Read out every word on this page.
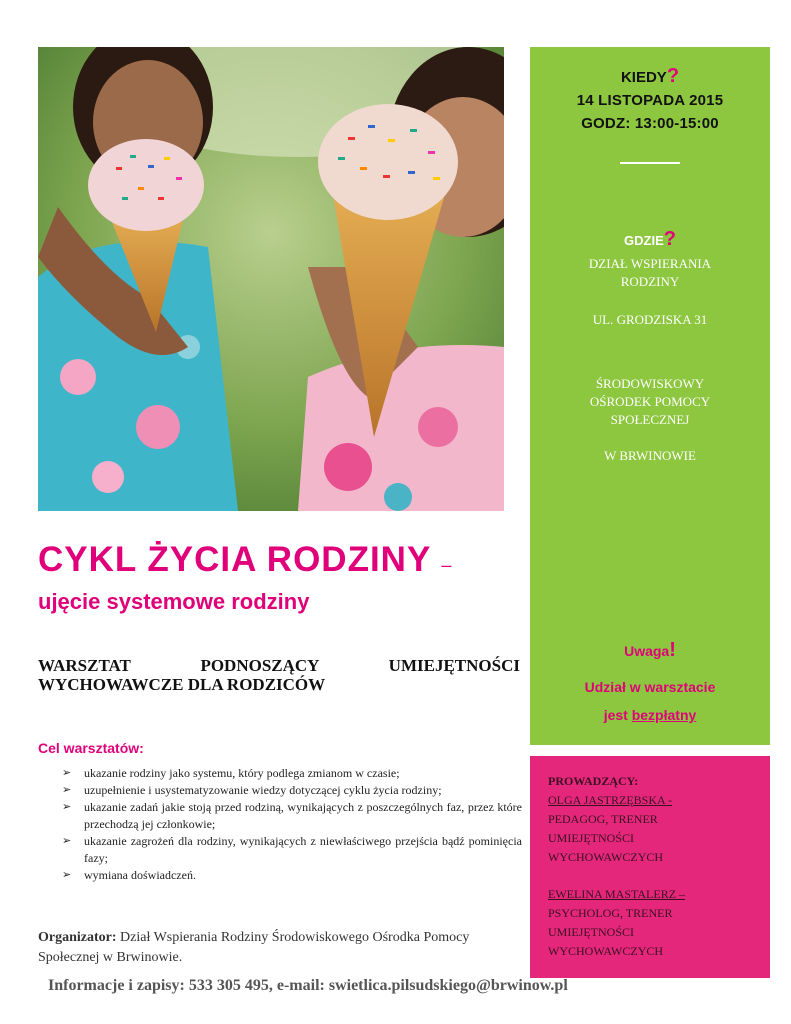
KIEDY?
14 LISTOPADA 2015
GODZ: 13:00-15:00
GDZIE?
DZIAŁ WSPIERANIA
RODZINY
UL. GRODZISKA 31
ŚRODOWISKOWY
OŚRODEK POMOCY
SPOŁECZNEJ
W BRWINOWIE
Uwaga!
Udział w warsztacie
jest bezpłatny
PROWADZĄCY:
OLGA JASTRZĘBSKA -
PEDAGOG, TRENER
UMIEJĘTNOŚCI
WYCHOWAWCZYCH
EWELINA MASTALERZ –
PSYCHOLOG, TRENER
UMIEJĘTNOŚCI
WYCHOWAWCZYCH
CYKL ŻYCIA RODZINY –
ujęcie systemowe rodziny
WARSZTAT PODNOSZĄCY UMIEJĘTNOŚCI WYCHOWAWCZE DLA RODZICÓW
Cel warsztatów:
➢ ukazanie rodziny jako systemu, który podlega zmianom w czasie;
➢ uzupełnienie i usystematyzowanie wiedzy dotyczącej cyklu życia rodziny;
➢ ukazanie zadań jakie stoją przed rodziną, wynikających z poszczególnych faz, przez które przechodzą jej członkowie;
➢ ukazanie zagrożeń dla rodziny, wynikających z niewłaściwego przejścia bądź pominięcia fazy;
➢ wymiana doświadczeń.
Organizator: Dział Wspierania Rodziny Środowiskowego Ośrodka Pomocy Społecznej w Brwinowie.
Informacje i zapisy: 533 305 495, e-mail: swietlica.pilsudskiego@brwinow.pl
